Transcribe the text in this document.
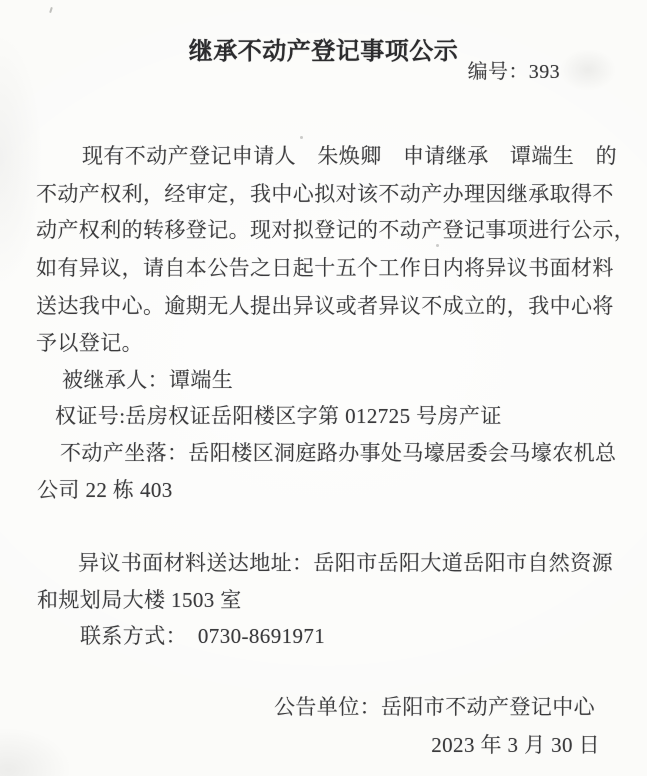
继承不动产登记事项公示
编号：393
现有不动产登记申请人　朱焕卿　申请继承　谭端生　的
不动产权利，经审定，我中心拟对该不动产办理因继承取得不
动产权利的转移登记。现对拟登记的不动产登记事项进行公示，
如有异议，请自本公告之日起十五个工作日内将异议书面材料
送达我中心。逾期无人提出异议或者异议不成立的，我中心将
予以登记。
被继承人：谭端生
权证号:岳房权证岳阳楼区字第 012725 号房产证
不动产坐落：岳阳楼区洞庭路办事处马壕居委会马壕农机总
公司 22 栋 403
异议书面材料送达地址：岳阳市岳阳大道岳阳市自然资源
和规划局大楼 1503 室
联系方式：　0730-8691971
公告单位：岳阳市不动产登记中心
2023 年 3 月 30 日
